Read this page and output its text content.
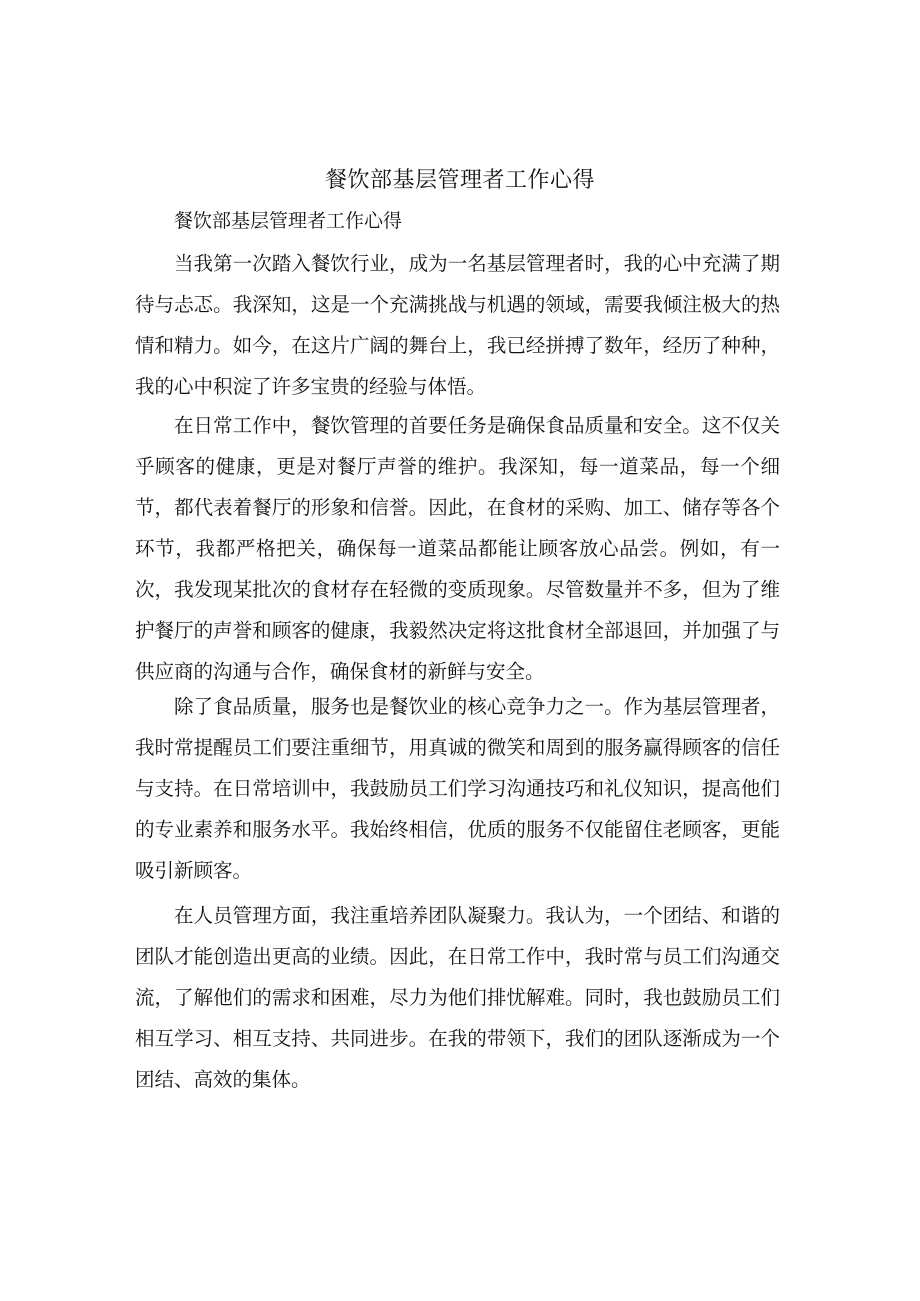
餐饮部基层管理者工作心得
餐饮部基层管理者工作心得

当我第一次踏入餐饮行业，成为一名基层管理者时，我的心中充满了期待与忐忑。我深知，这是一个充满挑战与机遇的领域，需要我倾注极大的热情和精力。如今，在这片广阔的舞台上，我已经拼搏了数年，经历了种种，我的心中积淀了许多宝贵的经验与体悟。

在日常工作中，餐饮管理的首要任务是确保食品质量和安全。这不仅关乎顾客的健康，更是对餐厅声誉的维护。我深知，每一道菜品，每一个细节，都代表着餐厅的形象和信誉。因此，在食材的采购、加工、储存等各个环节，我都严格把关，确保每一道菜品都能让顾客放心品尝。例如，有一次，我发现某批次的食材存在轻微的变质现象。尽管数量并不多，但为了维护餐厅的声誉和顾客的健康，我毅然决定将这批食材全部退回，并加强了与供应商的沟通与合作，确保食材的新鲜与安全。

除了食品质量，服务也是餐饮业的核心竞争力之一。作为基层管理者，我时常提醒员工们要注重细节，用真诚的微笑和周到的服务赢得顾客的信任与支持。在日常培训中，我鼓励员工们学习沟通技巧和礼仪知识，提高他们的专业素养和服务水平。我始终相信，优质的服务不仅能留住老顾客，更能吸引新顾客。

在人员管理方面，我注重培养团队凝聚力。我认为，一个团结、和谐的团队才能创造出更高的业绩。因此，在日常工作中，我时常与员工们沟通交流，了解他们的需求和困难，尽力为他们排忧解难。同时，我也鼓励员工们相互学习、相互支持、共同进步。在我的带领下，我们的团队逐渐成为一个团结、高效的集体。
